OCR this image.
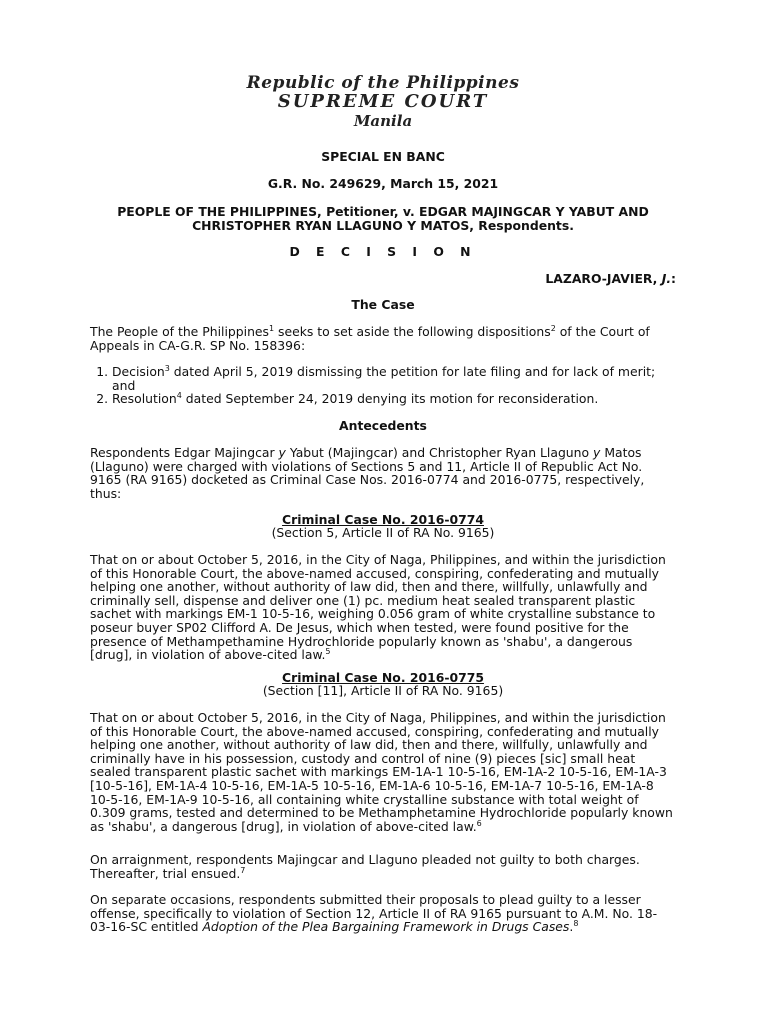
Republic of the Philippines
SUPREME COURT
Manila

SPECIAL EN BANC

G.R. No. 249629, March 15, 2021

PEOPLE OF THE PHILIPPINES, Petitioner, v. EDGAR MAJINGCAR Y YABUT AND CHRISTOPHER RYAN LLAGUNO Y MATOS, Respondents.

D E C I S I O N

LAZARO-JAVIER, J.:

The Case

The People of the Philippines$^1$ seeks to set aside the following dispositions$^2$ of the Court of Appeals in CA-G.R. SP No. 158396:

1. Decision$^3$ dated April 5, 2019 dismissing the petition for late filing and for lack of merit; and
2. Resolution$^4$ dated September 24, 2019 denying its motion for reconsideration.

Antecedents

Respondents Edgar Majingcar y Yabut (Majingcar) and Christopher Ryan Llaguno y Matos (Llaguno) were charged with violations of Sections 5 and 11, Article II of Republic Act No. 9165 (RA 9165) docketed as Criminal Case Nos. 2016-0774 and 2016-0775, respectively, thus:

Criminal Case No. 2016-0774

(Section 5, Article II of RA No. 9165)

That on or about October 5, 2016, in the City of Naga, Philippines, and within the jurisdiction of this Honorable Court, the above-named accused, conspiring, confederating and mutually helping one another, without authority of law did, then and there, willfully, unlawfully and criminally sell, dispense and deliver one (1) pc. medium heat sealed transparent plastic sachet with markings EM-1 10-5-16, weighing 0.056 gram of white crystalline substance to poseur buyer SP02 Clifford A. De Jesus, which when tested, were found positive for the presence of Methampethamine Hydrochloride popularly known as 'shabu', a dangerous [drug], in violation of above-cited law.$^5$

Criminal Case No. 2016-0775

(Section [11], Article II of RA No. 9165)

That on or about October 5, 2016, in the City of Naga, Philippines, and within the jurisdiction of this Honorable Court, the above-named accused, conspiring, confederating and mutually helping one another, without authority of law did, then and there, willfully, unlawfully and criminally have in his possession, custody and control of nine (9) pieces [sic] small heat sealed transparent plastic sachet with markings EM-1A-1 10-5-16, EM-1A-2 10-5-16, EM-1A-3 [10-5-16], EM-1A-4 10-5-16, EM-1A-5 10-5-16, EM-1A-6 10-5-16, EM-1A-7 10-5-16, EM-1A-8 10-5-16, EM-1A-9 10-5-16, all containing white crystalline substance with total weight of 0.309 grams, tested and determined to be Methamphetamine Hydrochloride popularly known as 'shabu', a dangerous [drug], in violation of above-cited law.$^6$

On arraignment, respondents Majingcar and Llaguno pleaded not guilty to both charges. Thereafter, trial ensued.$^7$

On separate occasions, respondents submitted their proposals to plead guilty to a lesser offense, specifically to violation of Section 12, Article II of RA 9165 pursuant to A.M. No. 18-03-16-SC entitled Adoption of the Plea Bargaining Framework in Drugs Cases.$^8$
